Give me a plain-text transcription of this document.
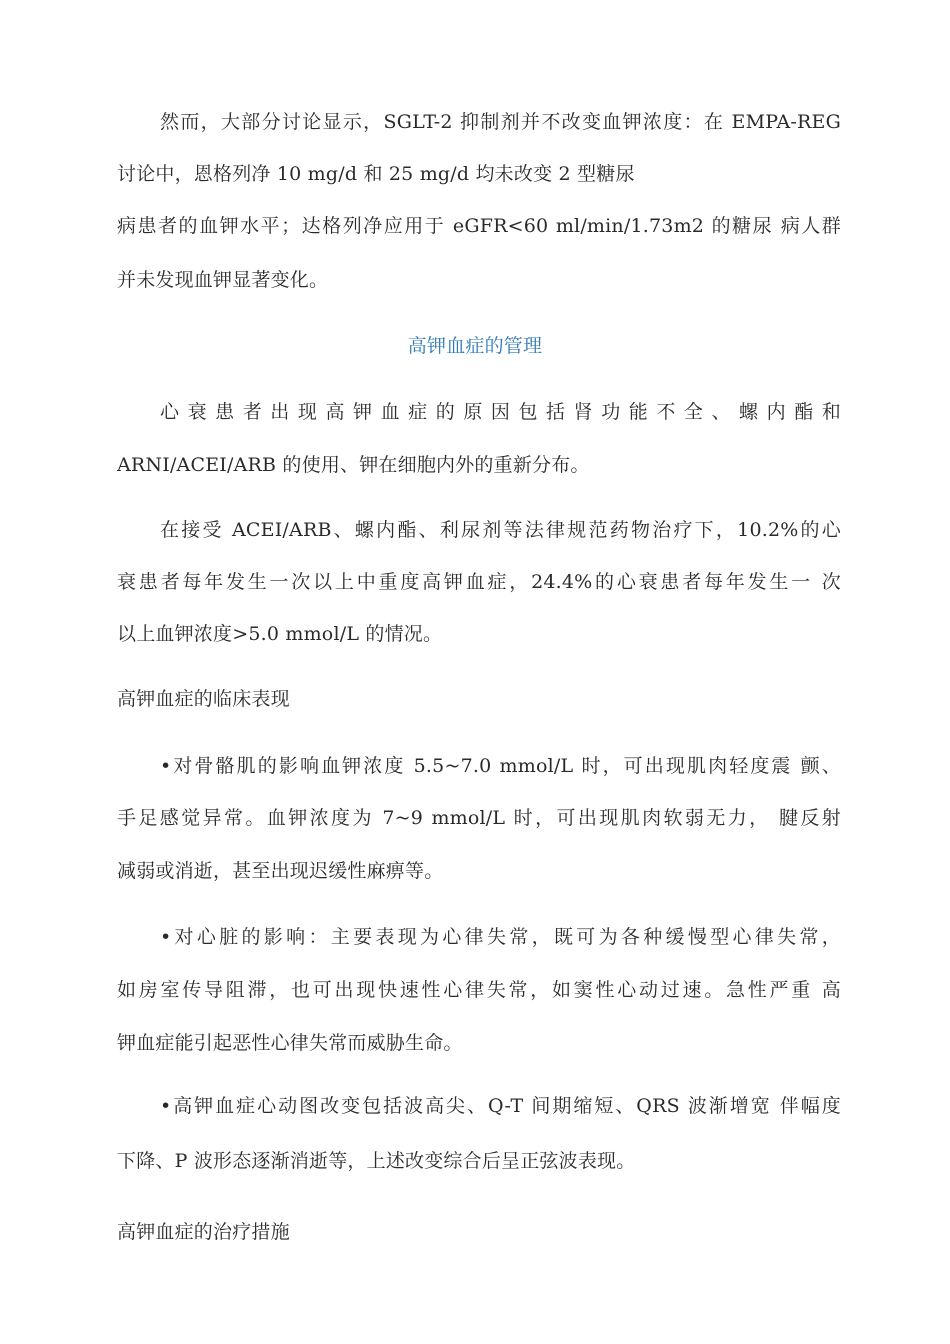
然而，大部分讨论显示，SGLT-2 抑制剂并不改变血钾浓度：在 EMPA-REG
讨论中，恩格列净 10 mg/d 和 25 mg/d 均未改变 2 型糖尿
病患者的血钾水平；达格列净应用于 eGFR<60 ml/min/1.73m2 的糖尿 病人群
并未发现血钾显著变化。
高钾血症的管理
心衰患者出现高钾血症的原因包括肾功能不全、螺内酯和
ARNI/ACEI/ARB 的使用、钾在细胞内外的重新分布。
在接受 ACEI/ARB、螺内酯、利尿剂等法律规范药物治疗下，10.2%的心
衰患者每年发生一次以上中重度高钾血症，24.4%的心衰患者每年发生一 次
以上血钾浓度>5.0 mmol/L 的情况。
高钾血症的临床表现
•对骨骼肌的影响血钾浓度 5.5~7.0 mmol/L 时，可出现肌肉轻度震 颤、
手足感觉异常。血钾浓度为 7~9 mmol/L 时，可出现肌肉软弱无力， 腱反射
减弱或消逝，甚至出现迟缓性麻痹等。
•对心脏的影响：主要表现为心律失常，既可为各种缓慢型心律失常，
如房室传导阻滞，也可出现快速性心律失常，如窦性心动过速。急性严重 高
钾血症能引起恶性心律失常而威胁生命。
•高钾血症心动图改变包括波高尖、Q-T 间期缩短、QRS 波渐增宽 伴幅度
下降、P 波形态逐渐消逝等，上述改变综合后呈正弦波表现。
高钾血症的治疗措施
